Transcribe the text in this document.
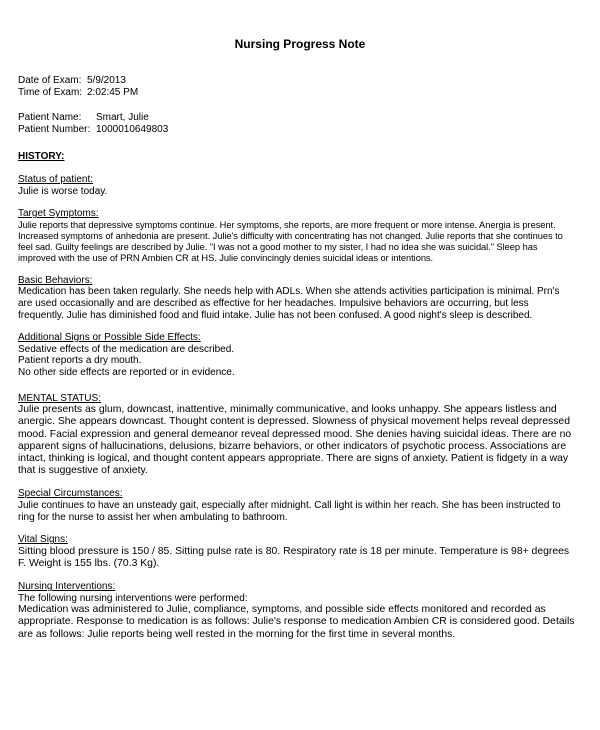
Nursing Progress Note
Date of Exam: 5/9/2013
Time of Exam: 2:02:45 PM
Patient Name: Smart, Julie
Patient Number: 1000010649803
HISTORY:
Status of patient:

Julie is worse today.

Target Symptoms:

Julie reports that depressive symptoms continue. Her symptoms, she reports, are more frequent or more intense. Anergia is present. Increased symptoms of anhedonia are present. Julie's difficulty with concentrating has not changed. Julie reports that she continues to feel sad. Guilty feelings are described by Julie. "I was not a good mother to my sister, I had no idea she was suicidal." Sleep has improved with the use of PRN Ambien CR at HS. Julie convincingly denies suicidal ideas or intentions.

Basic Behaviors:

Medication has been taken regularly. She needs help with ADLs. When she attends activities participation is minimal. Prn's are used occasionally and are described as effective for her headaches. Impulsive behaviors are occurring, but less frequently. Julie has diminished food and fluid intake. Julie has not been confused. A good night's sleep is described.

Additional Signs or Possible Side Effects:
Sedative effects of the medication are described.
Patient reports a dry mouth.
No other side effects are reported or in evidence.
MENTAL STATUS:

Julie presents as glum, downcast, inattentive, minimally communicative, and looks unhappy. She appears listless and anergic. She appears downcast. Thought content is depressed. Slowness of physical movement helps reveal depressed mood. Facial expression and general demeanor reveal depressed mood. She denies having suicidal ideas. There are no apparent signs of hallucinations, delusions, bizarre behaviors, or other indicators of psychotic process. Associations are intact, thinking is logical, and thought content appears appropriate. There are signs of anxiety. Patient is fidgety in a way that is suggestive of anxiety.

Special Circumstances:

Julie continues to have an unsteady gait, especially after midnight. Call light is within her reach. She has been instructed to ring for the nurse to assist her when ambulating to bathroom.

Vital Signs:

Sitting blood pressure is 150 / 85. Sitting pulse rate is 80. Respiratory rate is 18 per minute. Temperature is 98+ degrees F. Weight is 155 lbs. (70.3 Kg).

Nursing Interventions:
The following nursing interventions were performed:

Medication was administered to Julie, compliance, symptoms, and possible side effects monitored and recorded as appropriate. Response to medication is as follows: Julie's response to medication Ambien CR is considered good. Details are as follows: Julie reports being well rested in the morning for the first time in several months.
